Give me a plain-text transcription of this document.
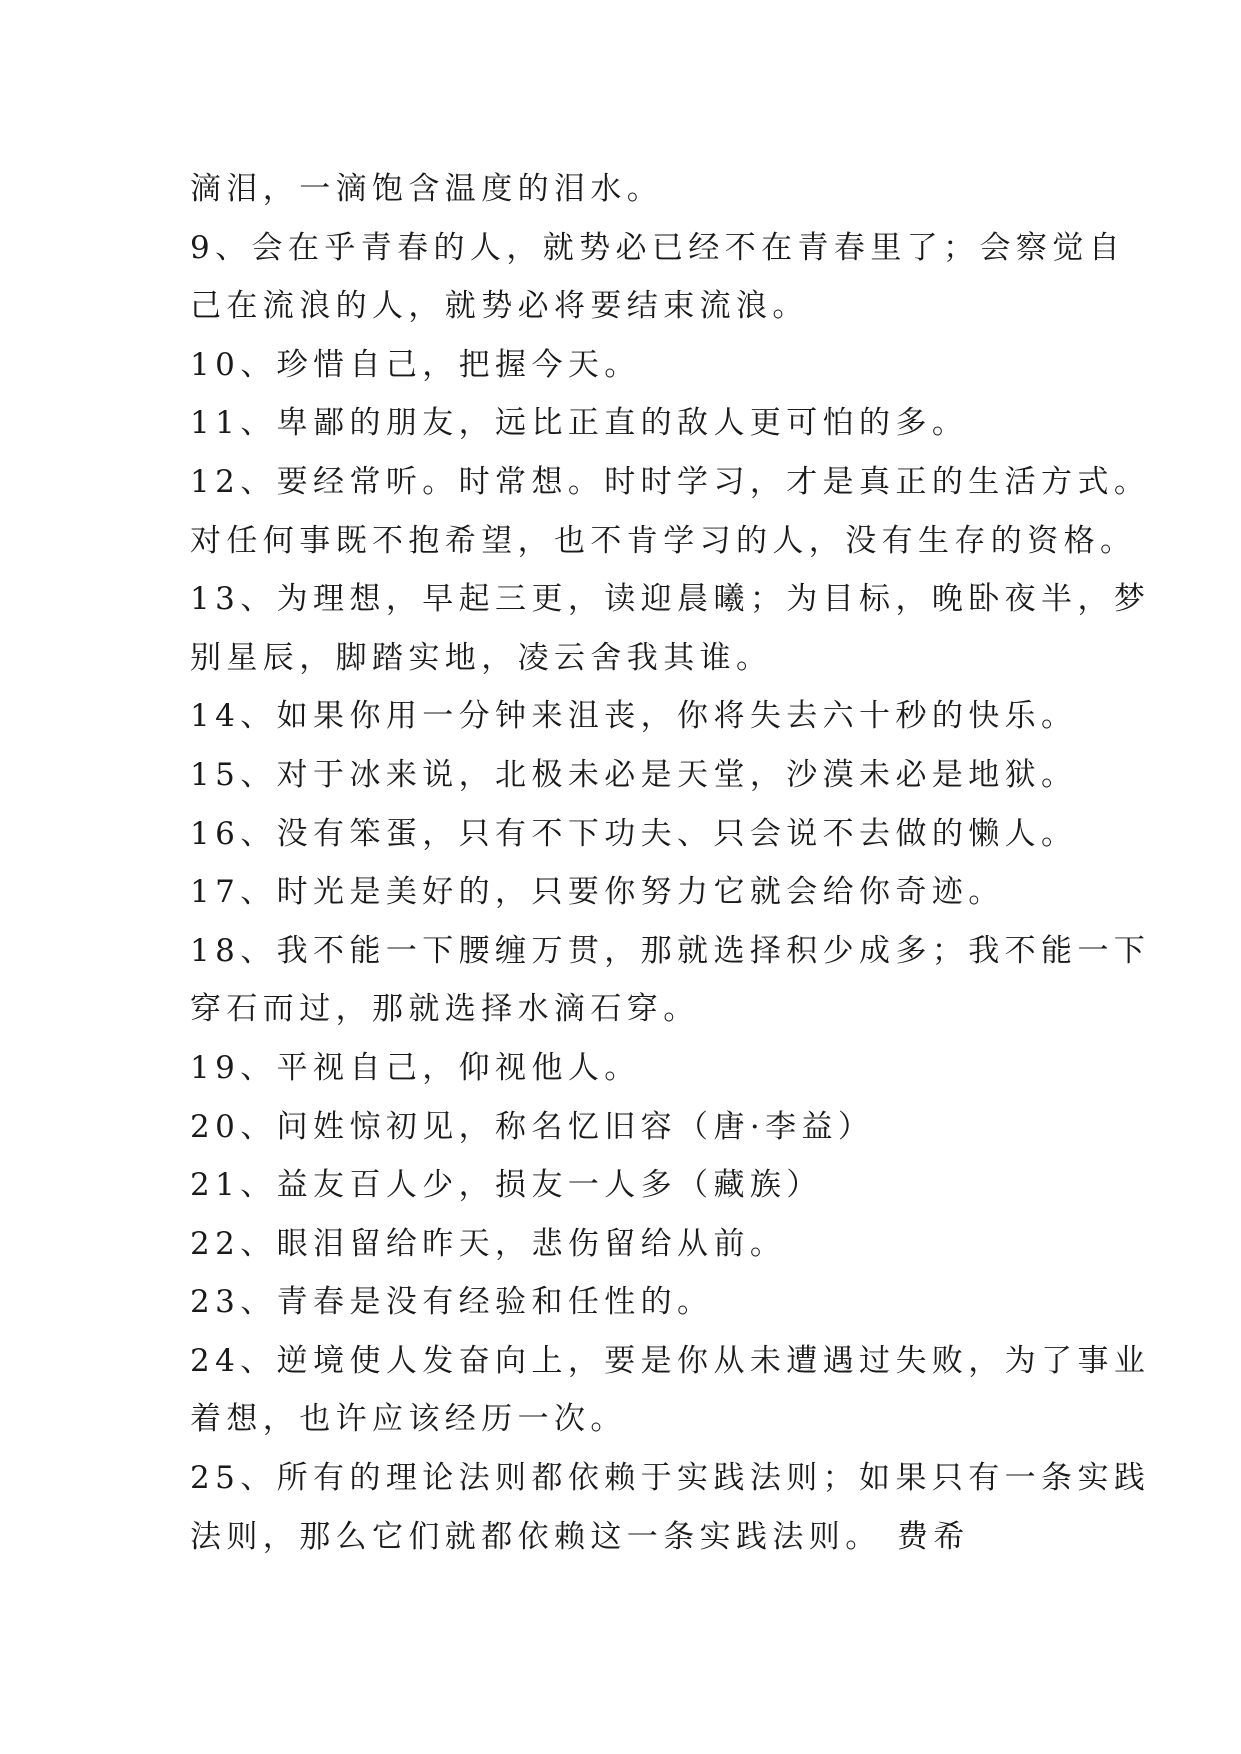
滴泪，一滴饱含温度的泪水。
9、会在乎青春的人，就势必已经不在青春里了；会察觉自
己在流浪的人，就势必将要结束流浪。
10、珍惜自己，把握今天。
11、卑鄙的朋友，远比正直的敌人更可怕的多。
12、要经常听。时常想。时时学习，才是真正的生活方式。
对任何事既不抱希望，也不肯学习的人，没有生存的资格。
13、为理想，早起三更，读迎晨曦；为目标，晚卧夜半，梦
别星辰，脚踏实地，凌云舍我其谁。
14、如果你用一分钟来沮丧，你将失去六十秒的快乐。
15、对于冰来说，北极未必是天堂，沙漠未必是地狱。
16、没有笨蛋，只有不下功夫、只会说不去做的懒人。
17、时光是美好的，只要你努力它就会给你奇迹。
18、我不能一下腰缠万贯，那就选择积少成多；我不能一下
穿石而过，那就选择水滴石穿。
19、平视自己，仰视他人。
20、问姓惊初见，称名忆旧容（唐·李益）
21、益友百人少，损友一人多（藏族）
22、眼泪留给昨天，悲伤留给从前。
23、青春是没有经验和任性的。
24、逆境使人发奋向上，要是你从未遭遇过失败，为了事业
着想，也许应该经历一次。
25、所有的理论法则都依赖于实践法则；如果只有一条实践
法则，那么它们就都依赖这一条实践法则。 费希
